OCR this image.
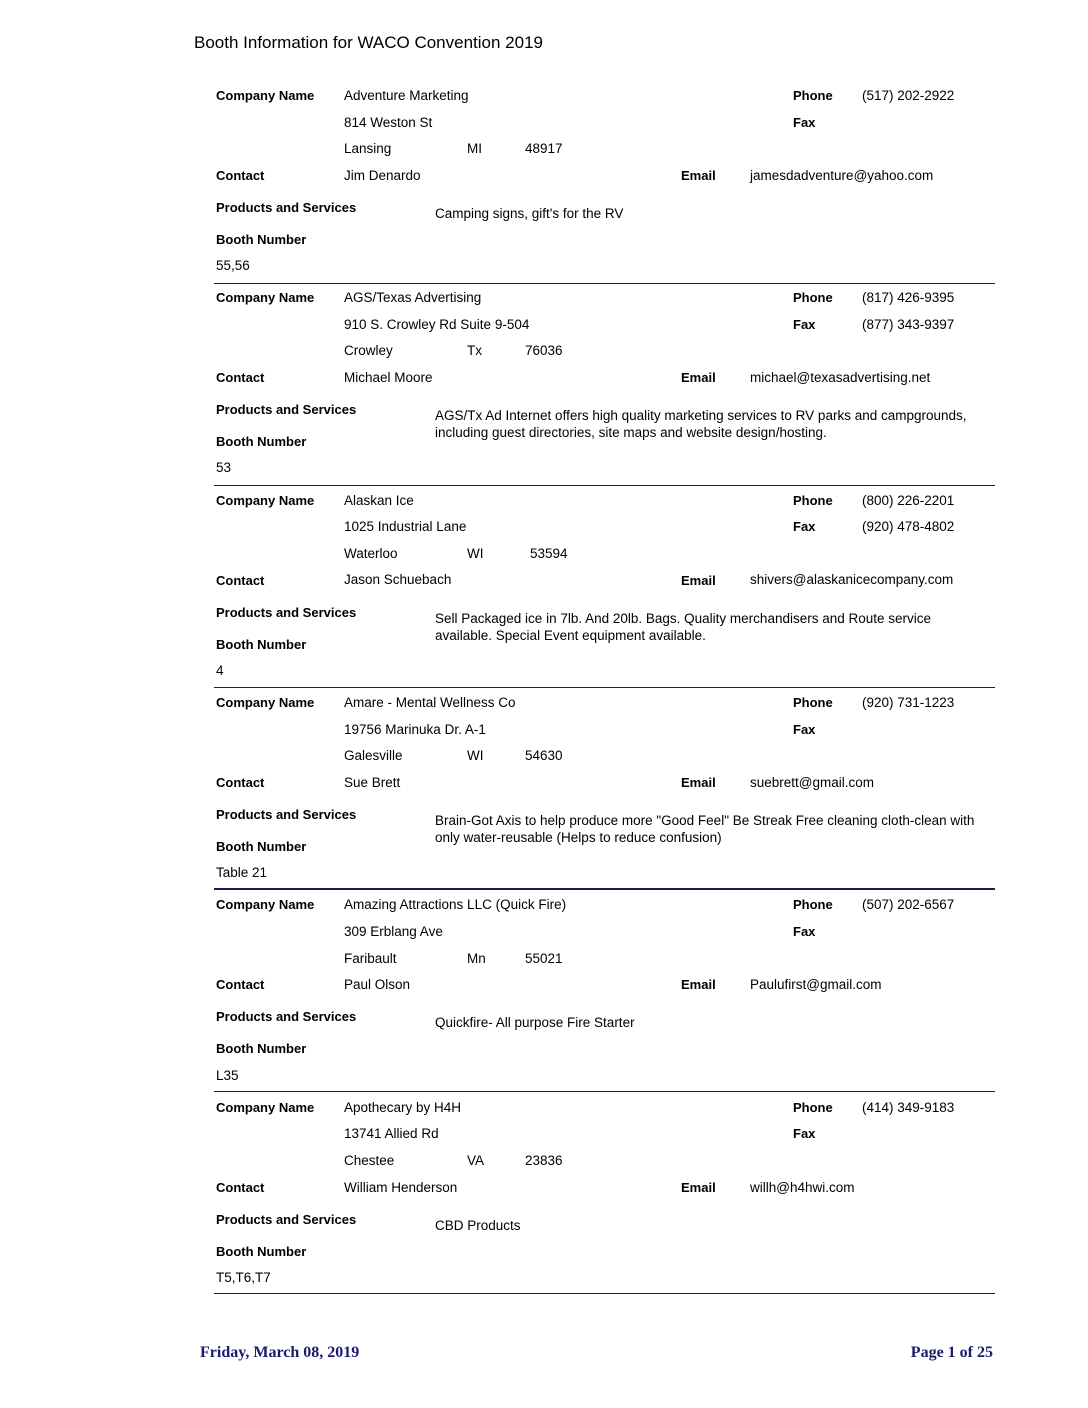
Booth Information for WACO Convention 2019
Company Name Adventure Marketing	Phone (517) 202-2922
814 Weston St	Fax
Lansing	MI	48917
Contact	Jim Denardo	Email	jamesdadventure@yahoo.com
Products and Services	Camping signs, gift's for the RV
Booth Number
55,56
Company Name AGS/Texas Advertising	Phone (817) 426-9395
910 S. Crowley Rd Suite 9-504	Fax	(877) 343-9397
Crowley	Tx	76036
Contact	Michael Moore	Email	michael@texasadvertising.net
Products and Services	AGS/Tx Ad Internet offers high quality marketing services to RV parks and campgrounds, including guest directories, site maps and website design/hosting.
Booth Number
53
Company Name Alaskan Ice	Phone (800) 226-2201
1025 Industrial Lane	Fax	(920) 478-4802
Waterloo	WI	53594
Contact	Jason Schuebach	Email	shivers@alaskanicecompany.com
Products and Services	Sell Packaged ice in 7lb. And 20lb. Bags. Quality merchandisers and Route service available. Special Event equipment available.
Booth Number
4
Company Name Amare - Mental Wellness Co	Phone (920) 731-1223
19756 Marinuka Dr. A-1	Fax
Galesville	WI	54630
Contact	Sue Brett	Email	suebrett@gmail.com
Products and Services	Brain-Got Axis to help produce more "Good Feel" Be Streak Free cleaning cloth-clean with only water-reusable (Helps to reduce confusion)
Booth Number
Table 21
Company Name Amazing Attractions LLC (Quick Fire)	Phone (507) 202-6567
309 Erblang Ave	Fax
Faribault	Mn	55021
Contact	Paul Olson	Email	Paulufirst@gmail.com
Products and Services	Quickfire- All purpose Fire Starter
Booth Number
L35
Company Name Apothecary by H4H	Phone (414) 349-9183
13741 Allied Rd	Fax
Chestee	VA	23836
Contact	William Henderson	Email	willh@h4hwi.com
Products and Services	CBD Products
Booth Number
T5,T6,T7
Friday, March 08, 2019	Page 1 of 25
